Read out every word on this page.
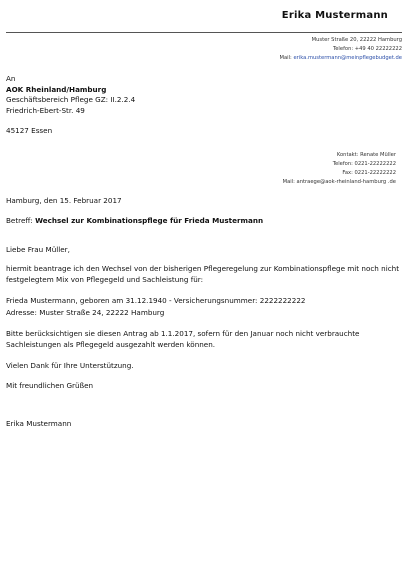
Erika Mustermann
Muster Straße 20, 22222 Hamburg
Telefon: +49 40 22222222
Mail: erika.mustermann@meinpflegebudget.de
An
AOK Rheinland/Hamburg
Geschäftsbereich Pflege GZ: II.2.2.4
Friedrich-Ebert-Str. 49
45127 Essen
Kontakt: Renate Müller
Telefon: 0221-22222222
Fax: 0221-22222222
Mail: antraege@aok-rheinland-hamburg .de
Hamburg, den 15. Februar 2017
Betreff: Wechsel zur Kombinationspflege für Frieda Mustermann
Liebe Frau Müller,
hiermit beantrage ich den Wechsel von der bisherigen Pflegeregelung zur Kombinationspflege mit noch nicht festgelegtem Mix von Pflegegeld und Sachleistung für:
Frieda Mustermann, geboren am 31.12.1940 - Versicherungsnummer: 2222222222
Adresse: Muster Straße 24, 22222 Hamburg
Bitte berücksichtigen sie diesen Antrag ab 1.1.2017, sofern für den Januar noch nicht verbrauchte Sachleistungen als Pflegegeld ausgezahlt werden können.
Vielen Dank für Ihre Unterstützung.
Mit freundlichen Grüßen
Erika Mustermann
